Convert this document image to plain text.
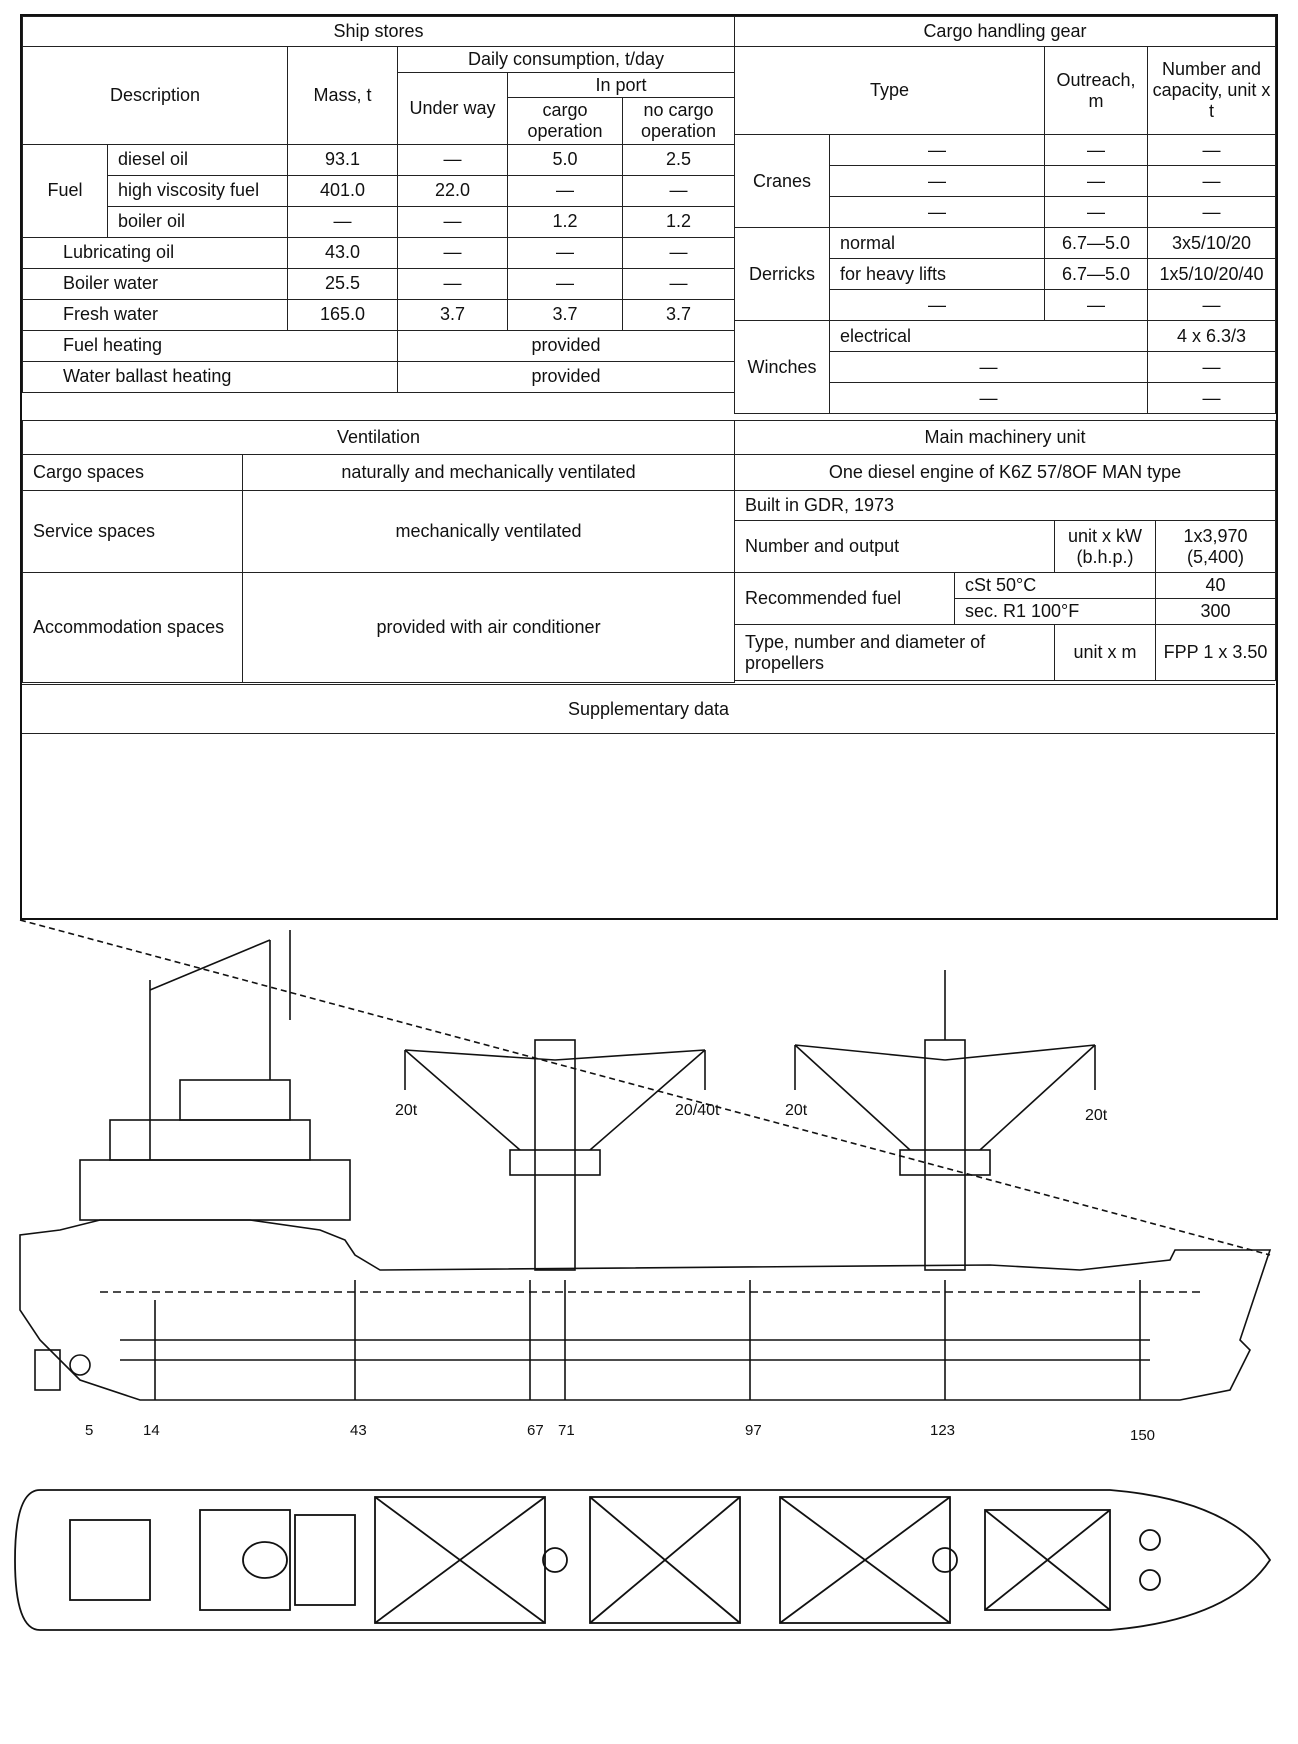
Ship stores					
Description		Mass, t	Daily consumption, t/day		
			Under way	In port	
				cargo operation	no cargo operation
Fuel	diesel oil	93.1	—	5.0	2.5
	high viscosity fuel	401.0	22.0	—	—
	boiler oil	—	—	1.2	1.2
Lubricating oil		43.0	—	—	—
Boiler water		25.5	—	—	—
Fresh water		165.0	3.7	3.7	3.7
Fuel heating			provided		
Water ballast heating			provided		
Cargo handling gear			
Type		Outreach, m	Number and capacity, unit x t
Cranes	—	—	—
	—	—	—
	—	—	—
Derricks	normal	6.7—5.0	3x5/10/20
	for heavy lifts	6.7—5.0	1x5/10/20/40
	—	—	—
Winches	electrical		4 x 6.3/3
	—		—
	—		—
Ventilation	
Cargo spaces	naturally and mechanically ventilated
Service spaces	mechanically ventilated
Accommodation spaces	provided with air conditioner
Main machinery unit			
One diesel engine of K6Z 57/8OF MAN type			
Built in GDR, 1973			
Number and output		unit x kW (b.h.p.)	1x3,970 (5,400)
Recommended fuel	cSt 50°C		40
	sec. R1 100°F		300
Type, number and diameter of propellers		unit x m	FPP 1 x 3.50
Supplementary data
20t	20/40t	20t	20t
5	14	43	67 71	97	123	150
